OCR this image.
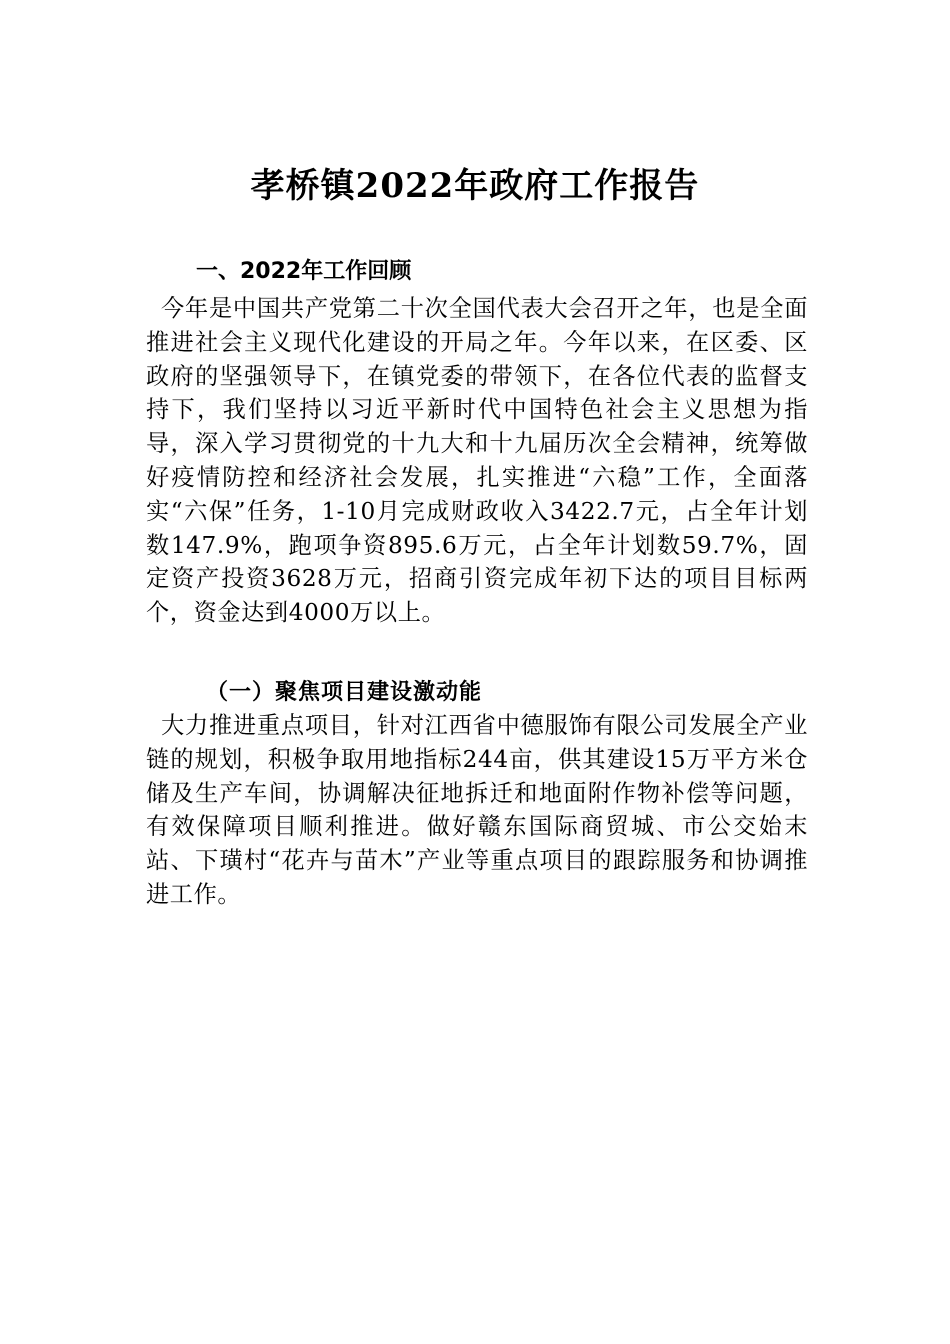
孝桥镇2022年政府工作报告
一、2022年工作回顾

今年是中国共产党第二十次全国代表大会召开之年，也是全面推进社会主义现代化建设的开局之年。今年以来，在区委、区政府的坚强领导下，在镇党委的带领下，在各位代表的监督支持下，我们坚持以习近平新时代中国特色社会主义思想为指导，深入学习贯彻党的十九大和十九届历次全会精神，统筹做好疫情防控和经济社会发展，扎实推进“六稳”工作，全面落实“六保”任务，1-10月完成财政收入3422.7元，占全年计划数147.9%，跑项争资895.6万元，占全年计划数59.7%，固定资产投资3628万元，招商引资完成年初下达的项目目标两个，资金达到4000万以上。

（一）聚焦项目建设激动能

大力推进重点项目，针对江西省中德服饰有限公司发展全产业链的规划，积极争取用地指标244亩，供其建设15万平方米仓储及生产车间，协调解决征地拆迁和地面附作物补偿等问题，有效保障项目顺利推进。做好赣东国际商贸城、市公交始末站、下璜村“花卉与苗木”产业等重点项目的跟踪服务和协调推进工作。
